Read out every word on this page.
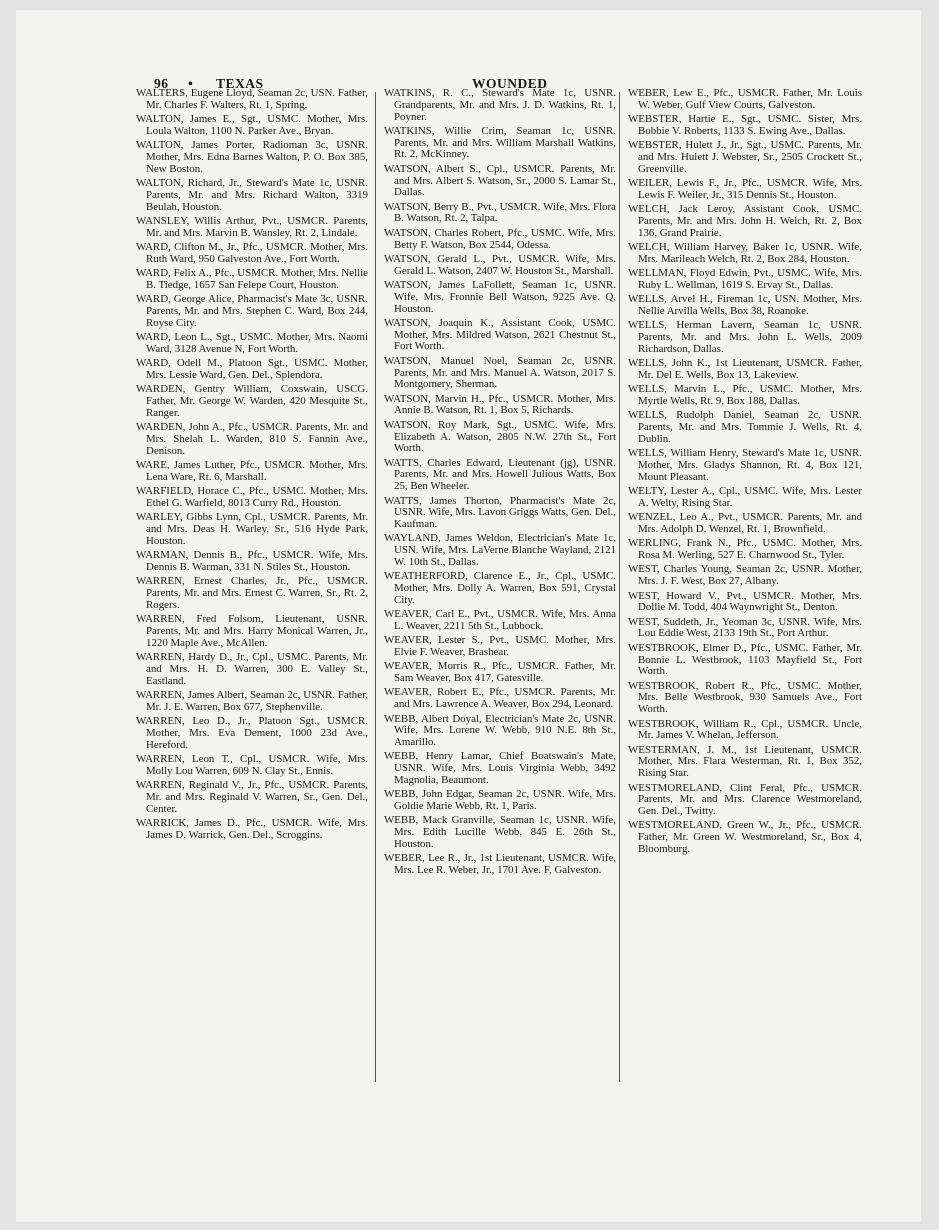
96 • TEXAS	WOUNDED
WALTERS, Eugene Lloyd, Seaman 2c, USN. Father, Mr. Charles F. Walters, Rt. 1, Spring.
WALTON, James E., Sgt., USMC. Mother, Mrs. Loula Walton, 1100 N. Parker Ave., Bryan.
WALTON, James Porter, Radioman 3c, USNR. Mother, Mrs. Edna Barnes Walton, P. O. Box 385, New Boston.
WALTON, Richard, Jr., Steward's Mate 1c, USNR. Parents, Mr. and Mrs. Richard Walton, 3319 Beulah, Houston.
WANSLEY, Willis Arthur, Pvt., USMCR. Parents, Mr. and Mrs. Marvin B. Wansley, Rt. 2, Lindale.
WARD, Clifton M., Jr., Pfc., USMCR. Mother, Mrs. Ruth Ward, 950 Galveston Ave., Fort Worth.
WARD, Felix A., Pfc., USMCR. Mother, Mrs. Nellie B. Tiedge, 1657 San Felepe Court, Houston.
WARD, George Alice, Pharmacist's Mate 3c, USNR. Parents, Mr. and Mrs. Stephen C. Ward, Box 244, Royse City.
WARD, Leon L., Sgt., USMC. Mother, Mrs. Naomi Ward, 3128 Avenue N, Fort Worth.
WARD, Odell M., Platoon Sgt., USMC. Mother, Mrs. Lessie Ward, Gen. Del., Splendora.
WARDEN, Gentry William, Coxswain, USCG. Father, Mr. George W. Warden, 420 Mesquite St., Ranger.
WARDEN, John A., Pfc., USMCR. Parents, Mr. and Mrs. Shelah L. Warden, 810 S. Fannin Ave., Denison.
WARE, James Luther, Pfc., USMCR. Mother, Mrs. Lena Ware, Rt. 6, Marshall.
WARFIELD, Horace C., Pfc., USMC. Mother, Mrs. Ethel G. Warfield, 8013 Curry Rd., Houston.
WARLEY, Gibbs Lynn, Cpl., USMCR. Parents, Mr. and Mrs. Deas H. Warley, Sr., 516 Hyde Park, Houston.
WARMAN, Dennis B., Pfc., USMCR. Wife, Mrs. Dennis B. Warman, 331 N. Stiles St., Houston.
WARREN, Ernest Charles, Jr., Pfc., USMCR. Parents, Mr. and Mrs. Ernest C. Warren, Sr., Rt. 2, Rogers.
WARREN, Fred Folsom, Lieutenant, USNR. Parents, Mr. and Mrs. Harry Monical Warren, Jr., 1220 Maple Ave., McAllen.
WARREN, Hardy D., Jr., Cpl., USMC. Parents, Mr. and Mrs. H. D. Warren, 300 E. Valley St., Eastland.
WARREN, James Albert, Seaman 2c, USNR. Father, Mr. J. E. Warren, Box 677, Stephenville.
WARREN, Leo D., Jr., Platoon Sgt., USMCR. Mother, Mrs. Eva Dement, 1000 23d Ave., Hereford.
WARREN, Leon T., Cpl., USMCR. Wife, Mrs. Molly Lou Warren, 609 N. Clay St., Ennis.
WARREN, Reginald V., Jr., Pfc., USMCR. Parents, Mr. and Mrs. Reginald V. Warren, Sr., Gen. Del., Center.
WARRICK, James D., Pfc., USMCR. Wife, Mrs. James D. Warrick, Gen. Del., Scroggins.
WATKINS, R. C., Steward's Mate 1c, USNR. Grandparents, Mr. and Mrs. J. D. Watkins, Rt. 1, Poyner.
WATKINS, Willie Crim, Seaman 1c, USNR. Parents, Mr. and Mrs. William Marshall Watkins, Rt. 2, McKinney.
WATSON, Albert S., Cpl., USMCR. Parents, Mr. and Mrs. Albert S. Watson, Sr., 2000 S. Lamar St., Dallas.
WATSON, Berry B., Pvt., USMCR. Wife, Mrs. Flora B. Watson, Rt. 2, Talpa.
WATSON, Charles Robert, Pfc., USMC. Wife, Mrs. Betty F. Watson, Box 2544, Odessa.
WATSON, Gerald L., Pvt., USMCR. Wife, Mrs. Gerald L. Watson, 2407 W. Houston St., Marshall.
WATSON, James LaFollett, Seaman 1c, USNR. Wife, Mrs. Fronnie Bell Watson, 9225 Ave. Q, Houston.
WATSON, Joaquin K., Assistant Cook, USMC. Mother, Mrs. Mildred Watson, 2621 Chestnut St., Fort Worth.
WATSON, Manuel Noel, Seaman 2c, USNR. Parents, Mr. and Mrs. Manuel A. Watson, 2017 S. Montgomery, Sherman.
WATSON, Marvin H., Pfc., USMCR. Mother, Mrs. Annie B. Watson, Rt. 1, Box 5, Richards.
WATSON, Roy Mark, Sgt., USMC. Wife, Mrs. Elizabeth A. Watson, 2805 N.W. 27th St., Fort Worth.
WATTS, Charles Edward, Lieutenant (jg), USNR. Parents, Mr. and Mrs. Howell Julious Watts, Box 25, Ben Wheeler.
WATTS, James Thorton, Pharmacist's Mate 2c, USNR. Wife, Mrs. Lavon Griggs Watts, Gen. Del., Kaufman.
WAYLAND, James Weldon, Electrician's Mate 1c, USN. Wife, Mrs. LaVerne Blanche Wayland, 2121 W. 10th St., Dallas.
WEATHERFORD, Clarence E., Jr., Cpl., USMC. Mother, Mrs. Dolly A. Warren, Box 591, Crystal City.
WEAVER, Carl E., Pvt., USMCR. Wife, Mrs. Anna L. Weaver, 2211 5th St., Lubbock.
WEAVER, Lester S., Pvt., USMC. Mother, Mrs. Elvie F. Weaver, Brashear.
WEAVER, Morris R., Pfc., USMCR. Father, Mr. Sam Weaver, Box 417, Gatesville.
WEAVER, Robert E., Pfc., USMCR. Parents, Mr. and Mrs. Lawrence A. Weaver, Box 294, Leonard.
WEBB, Albert Doyal, Electrician's Mate 2c, USNR. Wife, Mrs. Lorene W. Webb, 910 N.E. 8th St., Amarillo.
WEBB, Henry Lamar, Chief Boatswain's Mate, USNR. Wife, Mrs. Louis Virginia Webb, 3492 Magnolia, Beaumont.
WEBB, John Edgar, Seaman 2c, USNR. Wife, Mrs. Goldie Marie Webb, Rt. 1, Paris.
WEBB, Mack Granville, Seaman 1c, USNR. Wife, Mrs. Edith Lucille Webb, 845 E. 26th St., Houston.
WEBER, Lee R., Jr., 1st Lieutenant, USMCR. Wife, Mrs. Lee R. Weber, Jr., 1701 Ave. F, Galveston.
WEBER, Lew E., Pfc., USMCR. Father, Mr. Louis W. Weber, Gulf View Courts, Galveston.
WEBSTER, Hartie E., Sgt., USMC. Sister, Mrs. Bobbie V. Roberts, 1133 S. Ewing Ave., Dallas.
WEBSTER, Hulett J., Jr., Sgt., USMC. Parents, Mr. and Mrs. Hulett J. Webster, Sr., 2505 Crockett St., Greenville.
WEILER, Lewis F., Jr., Pfc., USMCR. Wife, Mrs. Lewis F. Weiler, Jr., 315 Dennis St., Houston.
WELCH, Jack Leroy, Assistant Cook, USMC. Parents, Mr. and Mrs. John H. Welch, Rt. 2, Box 136, Grand Prairie.
WELCH, William Harvey, Baker 1c, USNR. Wife, Mrs. Marileach Welch, Rt. 2, Box 284, Houston.
WELLMAN, Floyd Edwin, Pvt., USMC. Wife, Mrs. Ruby L. Wellman, 1619 S. Ervay St., Dallas.
WELLS, Arvel H., Fireman 1c, USN. Mother, Mrs. Nellie Arvilla Wells, Box 38, Roanoke.
WELLS, Herman Lavern, Seaman 1c, USNR. Parents, Mr. and Mrs. John L. Wells, 2009 Richardson, Dallas.
WELLS, John K., 1st Lieutenant, USMCR. Father, Mr. Del E. Wells, Box 13, Lakeview.
WELLS, Marvin L., Pfc., USMC. Mother, Mrs. Myrtle Wells, Rt. 9, Box 188, Dallas.
WELLS, Rudolph Daniel, Seaman 2c, USNR. Parents, Mr. and Mrs. Tommie J. Wells, Rt. 4, Dublin.
WELLS, William Henry, Steward's Mate 1c, USNR. Mother, Mrs. Gladys Shannon, Rt. 4, Box 121, Mount Pleasant.
WELTY, Lester A., Cpl., USMC. Wife, Mrs. Lester A. Welty, Rising Star.
WENZEL, Leo A., Pvt., USMCR. Parents, Mr. and Mrs. Adolph D. Wenzel, Rt. 1, Brownfield.
WERLING, Frank N., Pfc., USMC. Mother, Mrs. Rosa M. Werling, 527 E. Charnwood St., Tyler.
WEST, Charles Young, Seaman 2c, USNR. Mother, Mrs. J. F. West, Box 27, Albany.
WEST, Howard V., Pvt., USMCR. Mother, Mrs. Dollie M. Todd, 404 Waynwright St., Denton.
WEST, Suddeth, Jr., Yeoman 3c, USNR. Wife, Mrs. Lou Eddie West, 2133 19th St., Port Arthur.
WESTBROOK, Elmer D., Pfc., USMC. Father, Mr. Bonnie L. Westbrook, 1103 Mayfield St., Fort Worth.
WESTBROOK, Robert R., Pfc., USMC. Mother, Mrs. Belle Westbrook, 930 Samuels Ave., Fort Worth.
WESTBROOK, William R., Cpl., USMCR. Uncle, Mr. James V. Whelan, Jefferson.
WESTERMAN, J. M., 1st Lieutenant, USMCR. Mother, Mrs. Flara Westerman, Rt. 1, Box 352, Rising Star.
WESTMORELAND, Clint Feral, Pfc., USMCR. Parents, Mr. and Mrs. Clarence Westmoreland, Gen. Del., Twitty.
WESTMORELAND, Green W., Jr., Pfc., USMCR. Father, Mr. Green W. Westmoreland, Sr., Box 4, Bloomburg.
